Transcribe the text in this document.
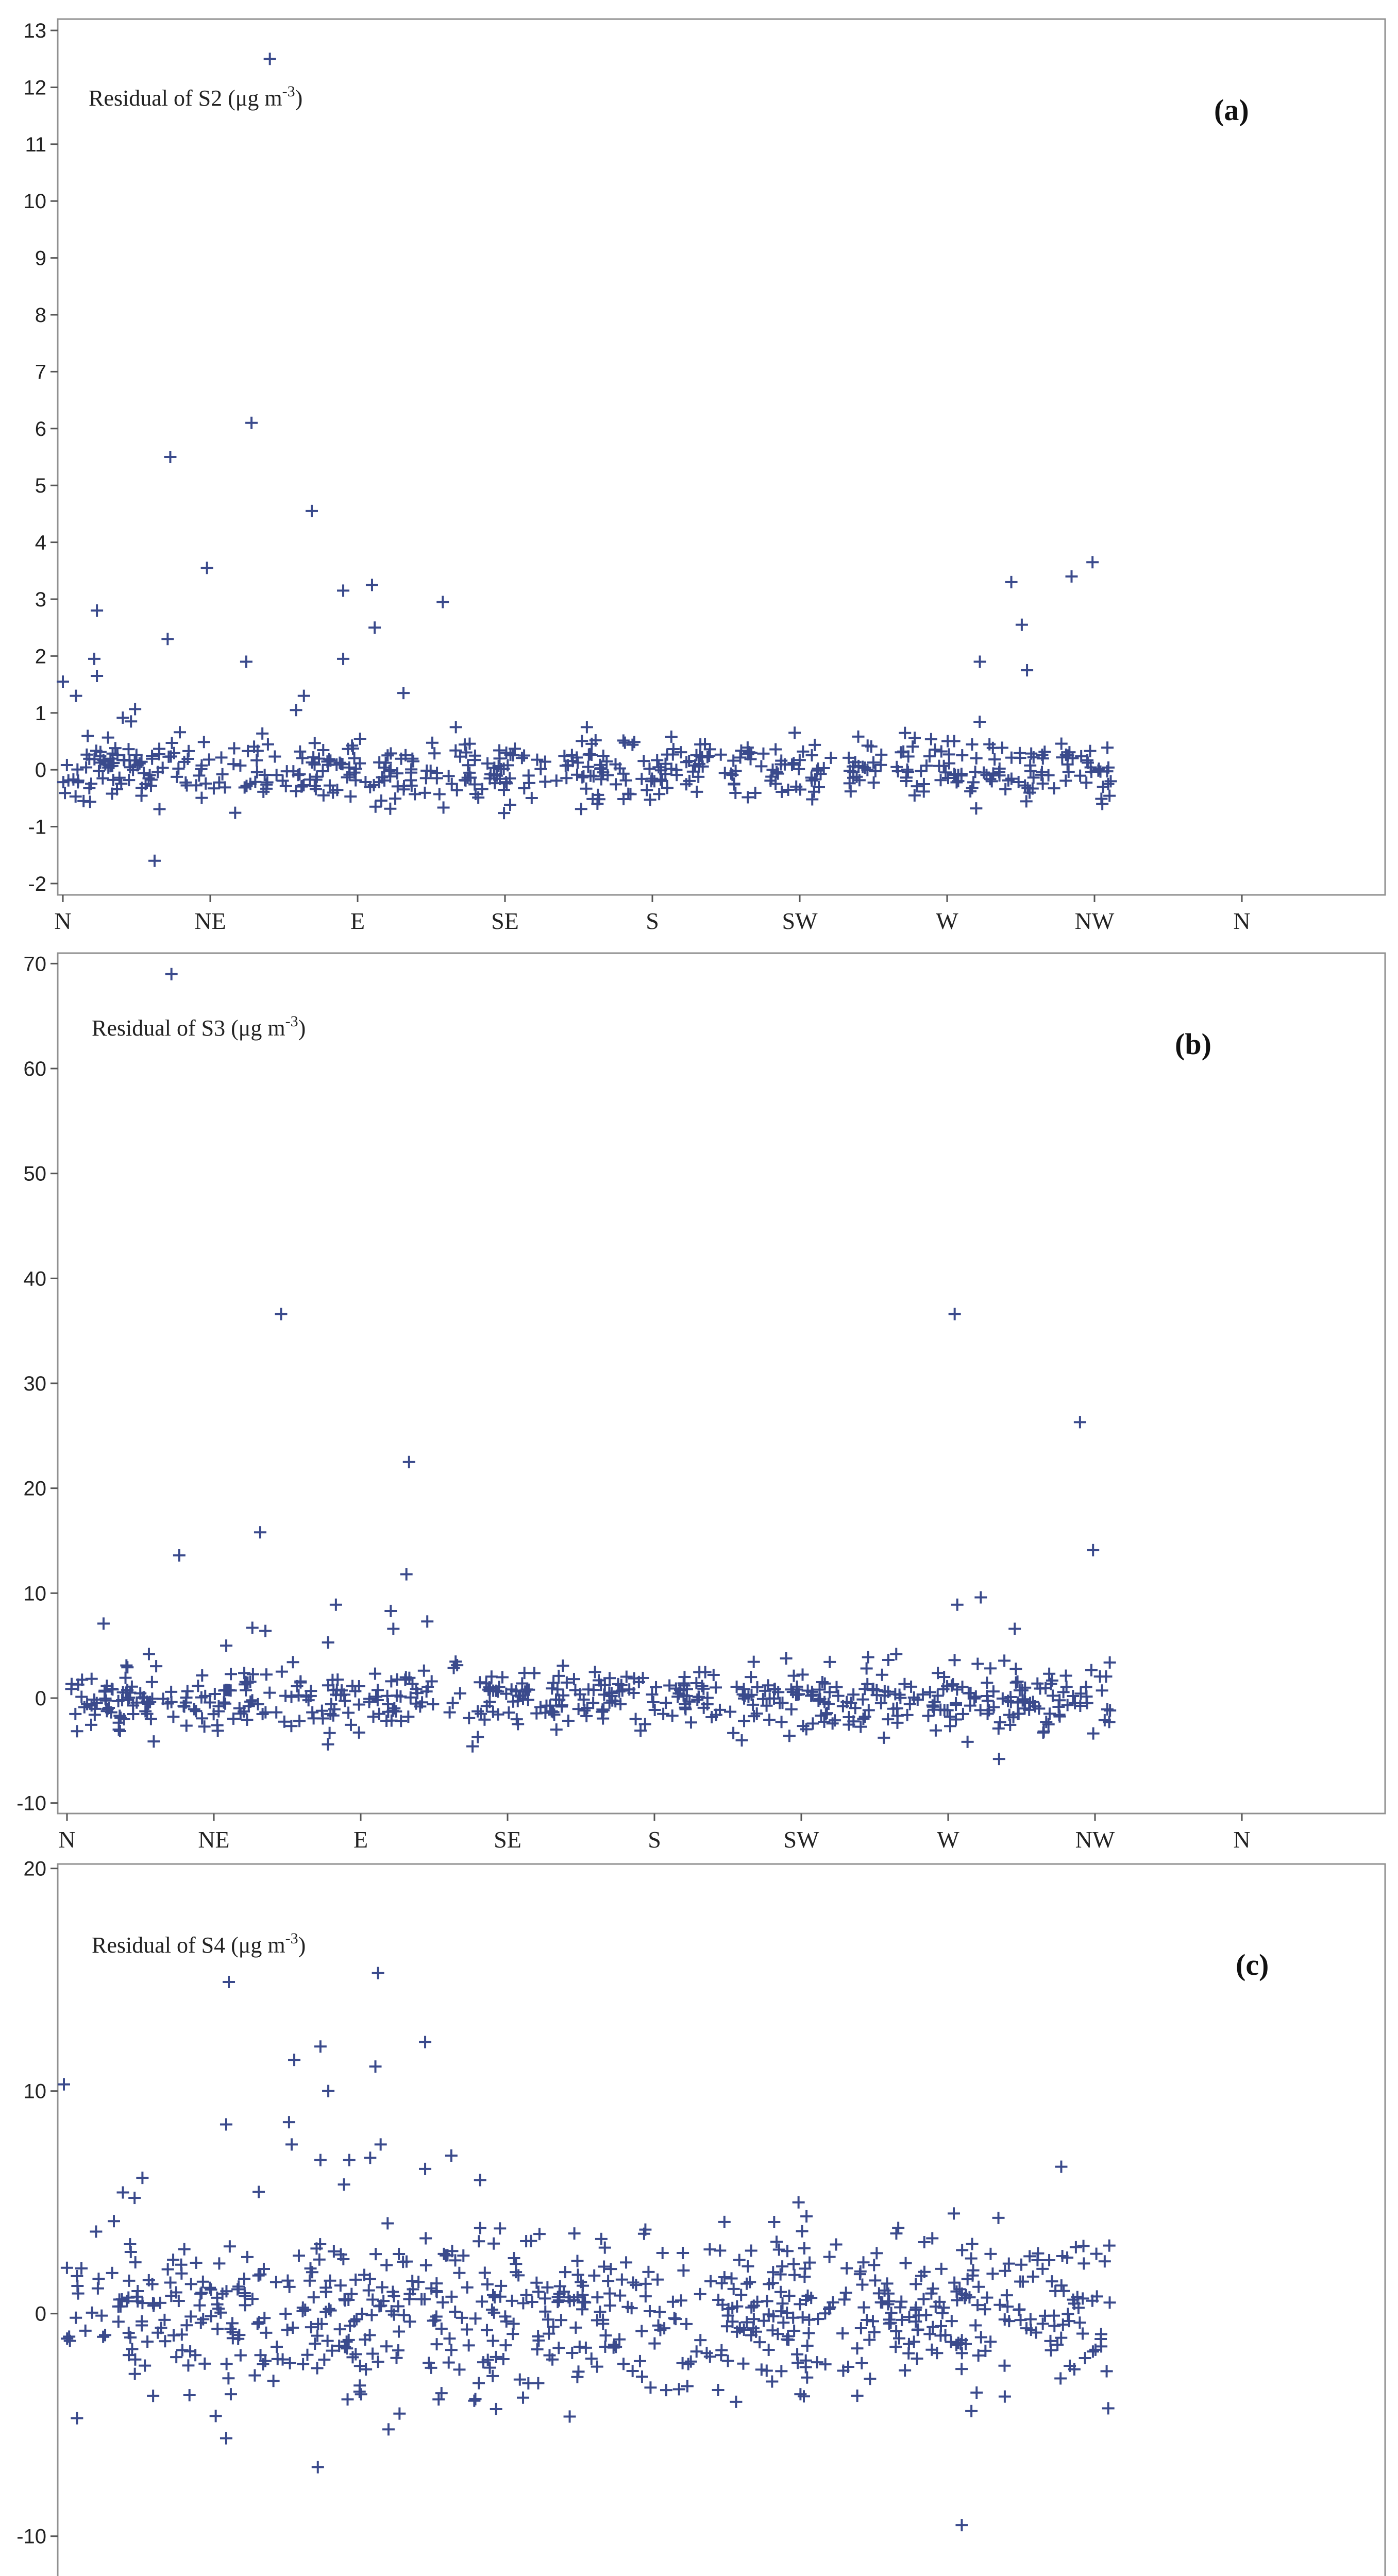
Residual of S2 (μg $m^{-3}$)	(a)
-2
-1
0
1
2
3
4
5
6
7
8
9
10
11
12
13
N	NE	E	SE	S	SW	W	NW	N
Residual of S3 (μg $m^{-3}$)	(b)
-10
0
10
20
30
40
50
60
70
N	NE	E	SE	S	SW	W	NW	N
Residual of S4 (μg $m^{-3}$)
(c)
-10
0
10
20
